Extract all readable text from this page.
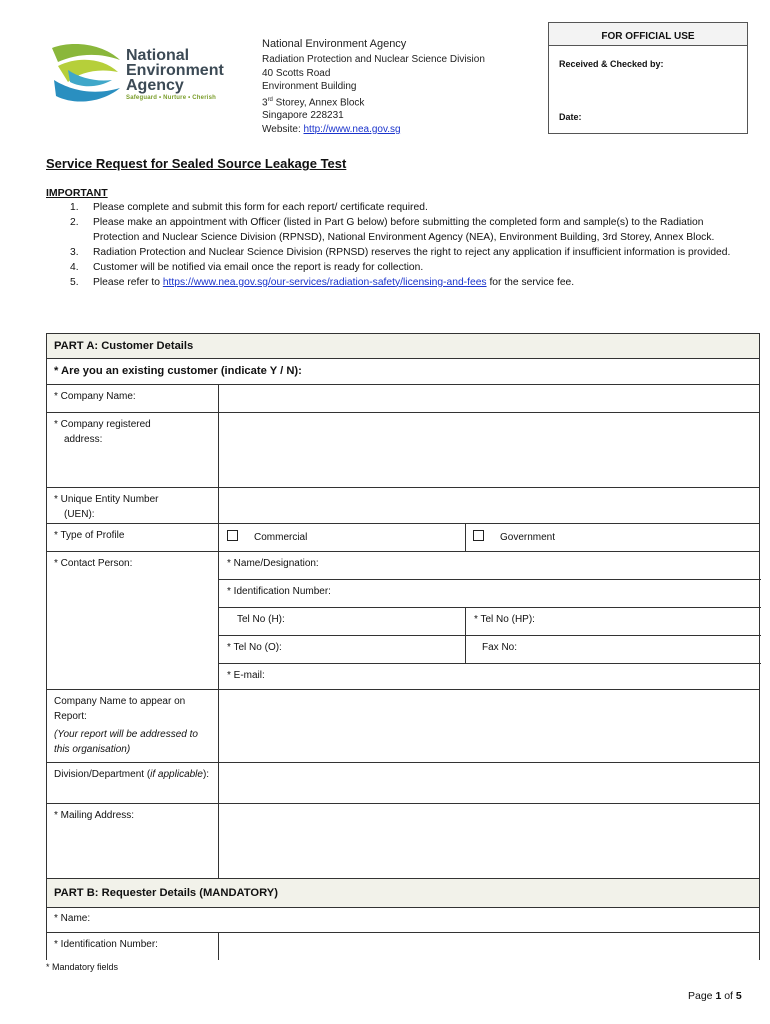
National
Environment
Agency
Safeguard • Nurture • Cherish
National Environment Agency
Radiation Protection and Nuclear Science Division
40 Scotts Road
Environment Building
3rd Storey, Annex Block
Singapore 228231
Website: http://www.nea.gov.sg
FOR OFFICIAL USE
Received & Checked by:
Date:
Service Request for Sealed Source Leakage Test
IMPORTANT
1. Please complete and submit this form for each report/ certificate required.
2. Please make an appointment with Officer (listed in Part G below) before submitting the completed form and sample(s) to the Radiation Protection and Nuclear Science Division (RPNSD), National Environment Agency (NEA), Environment Building, 3rd Storey, Annex Block.
3. Radiation Protection and Nuclear Science Division (RPNSD) reserves the right to reject any application if insufficient information is provided.
4. Customer will be notified via email once the report is ready for collection.
5. Please refer to https://www.nea.gov.sg/our-services/radiation-safety/licensing-and-fees for the service fee.
PART A: Customer Details
* Are you an existing customer (indicate Y / N):
* Company Name:
* Company registered
address:
* Unique Entity Number
(UEN):
* Type of Profile	Commercial	Government
* Contact Person:	* Name/Designation:
* Identification Number:
Tel No (H):	* Tel No (HP):
* Tel No (O):	Fax No:
* E-mail:
Company Name to appear on Report:
(Your report will be addressed to this organisation)
Division/Department (if applicable):
* Mailing Address:
PART B: Requester Details (MANDATORY)
* Name:
* Identification Number:
* Mandatory fields
Page 1 of 5
